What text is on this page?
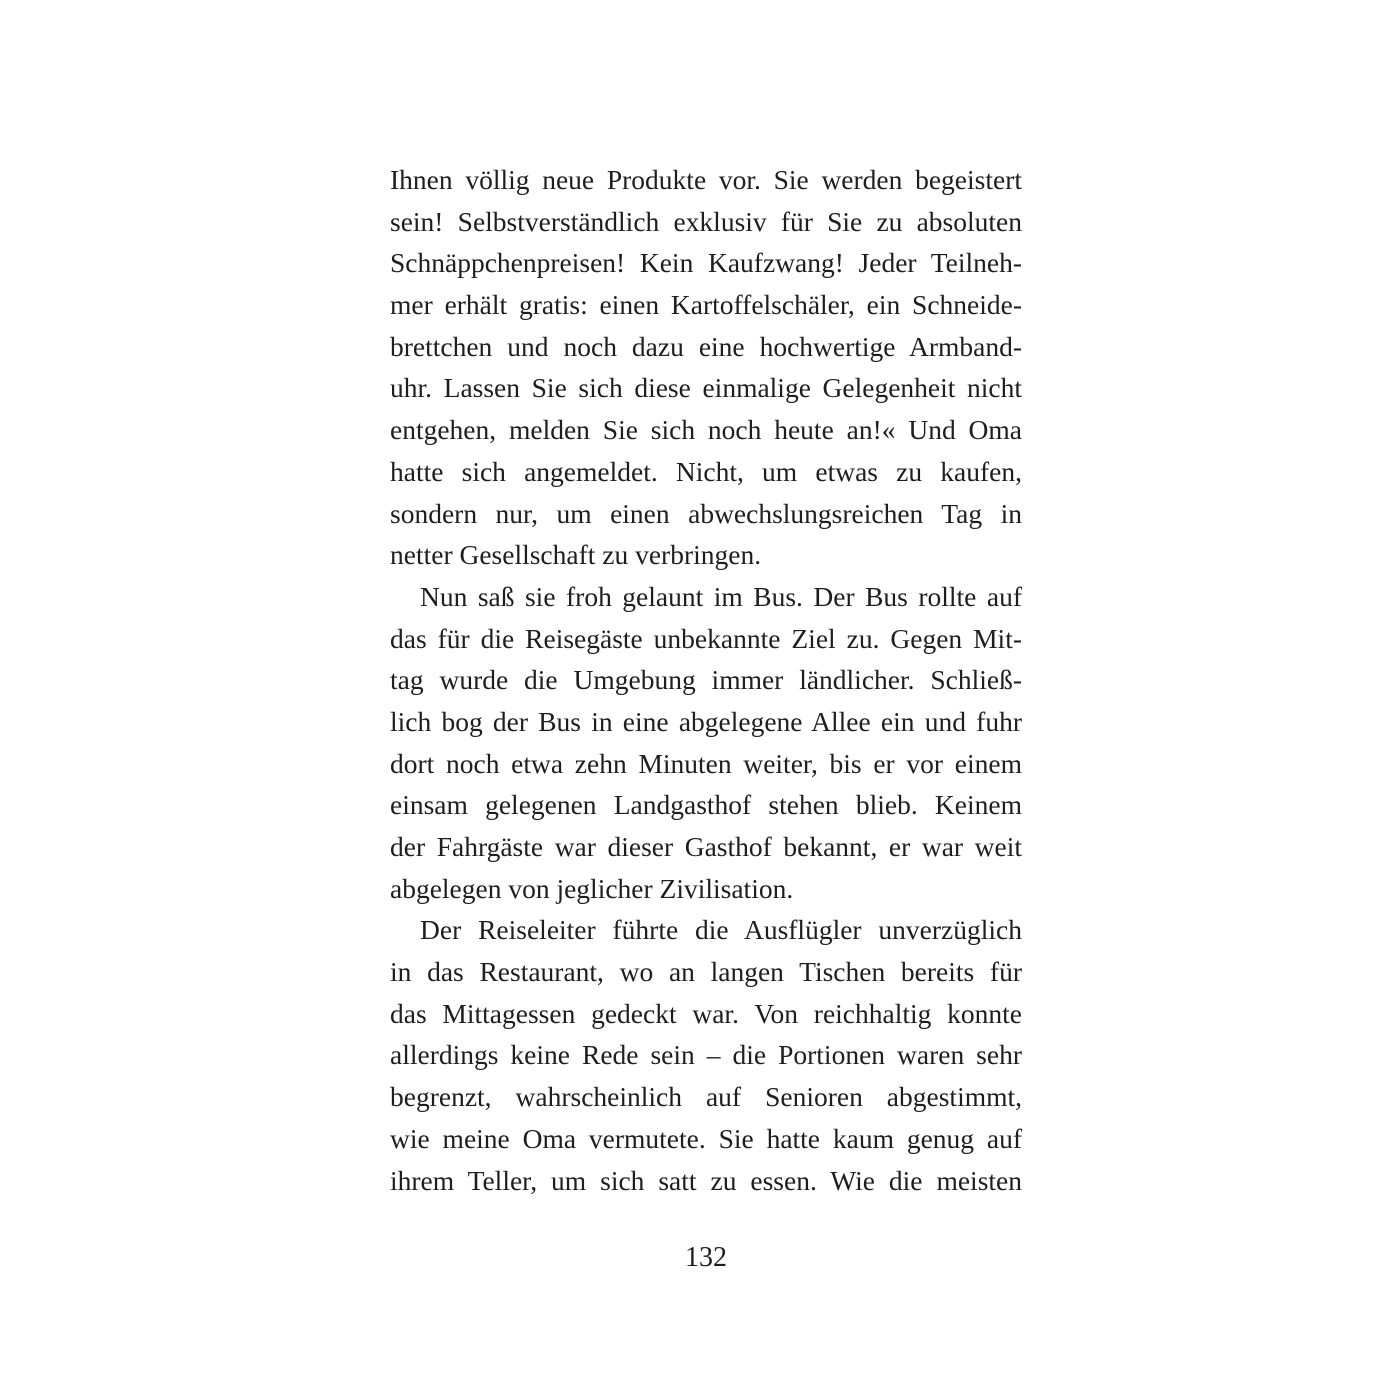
Ihnen völlig neue Produkte vor. Sie werden begeistert
sein! Selbstverständlich exklusiv für Sie zu absoluten
Schnäppchenpreisen! Kein Kaufzwang! Jeder Teilneh-
mer erhält gratis: einen Kartoffelschäler, ein Schneide-
brettchen und noch dazu eine hochwertige Armband-
uhr. Lassen Sie sich diese einmalige Gelegenheit nicht
entgehen, melden Sie sich noch heute an!« Und Oma
hatte sich angemeldet. Nicht, um etwas zu kaufen,
sondern nur, um einen abwechslungsreichen Tag in
netter Gesellschaft zu verbringen.
Nun saß sie froh gelaunt im Bus. Der Bus rollte auf
das für die Reisegäste unbekannte Ziel zu. Gegen Mit-
tag wurde die Umgebung immer ländlicher. Schließ-
lich bog der Bus in eine abgelegene Allee ein und fuhr
dort noch etwa zehn Minuten weiter, bis er vor einem
einsam gelegenen Landgasthof stehen blieb. Keinem
der Fahrgäste war dieser Gasthof bekannt, er war weit
abgelegen von jeglicher Zivilisation.
Der Reiseleiter führte die Ausflügler unverzüglich
in das Restaurant, wo an langen Tischen bereits für
das Mittagessen gedeckt war. Von reichhaltig konnte
allerdings keine Rede sein – die Portionen waren sehr
begrenzt, wahrscheinlich auf Senioren abgestimmt,
wie meine Oma vermutete. Sie hatte kaum genug auf
ihrem Teller, um sich satt zu essen. Wie die meisten
132
